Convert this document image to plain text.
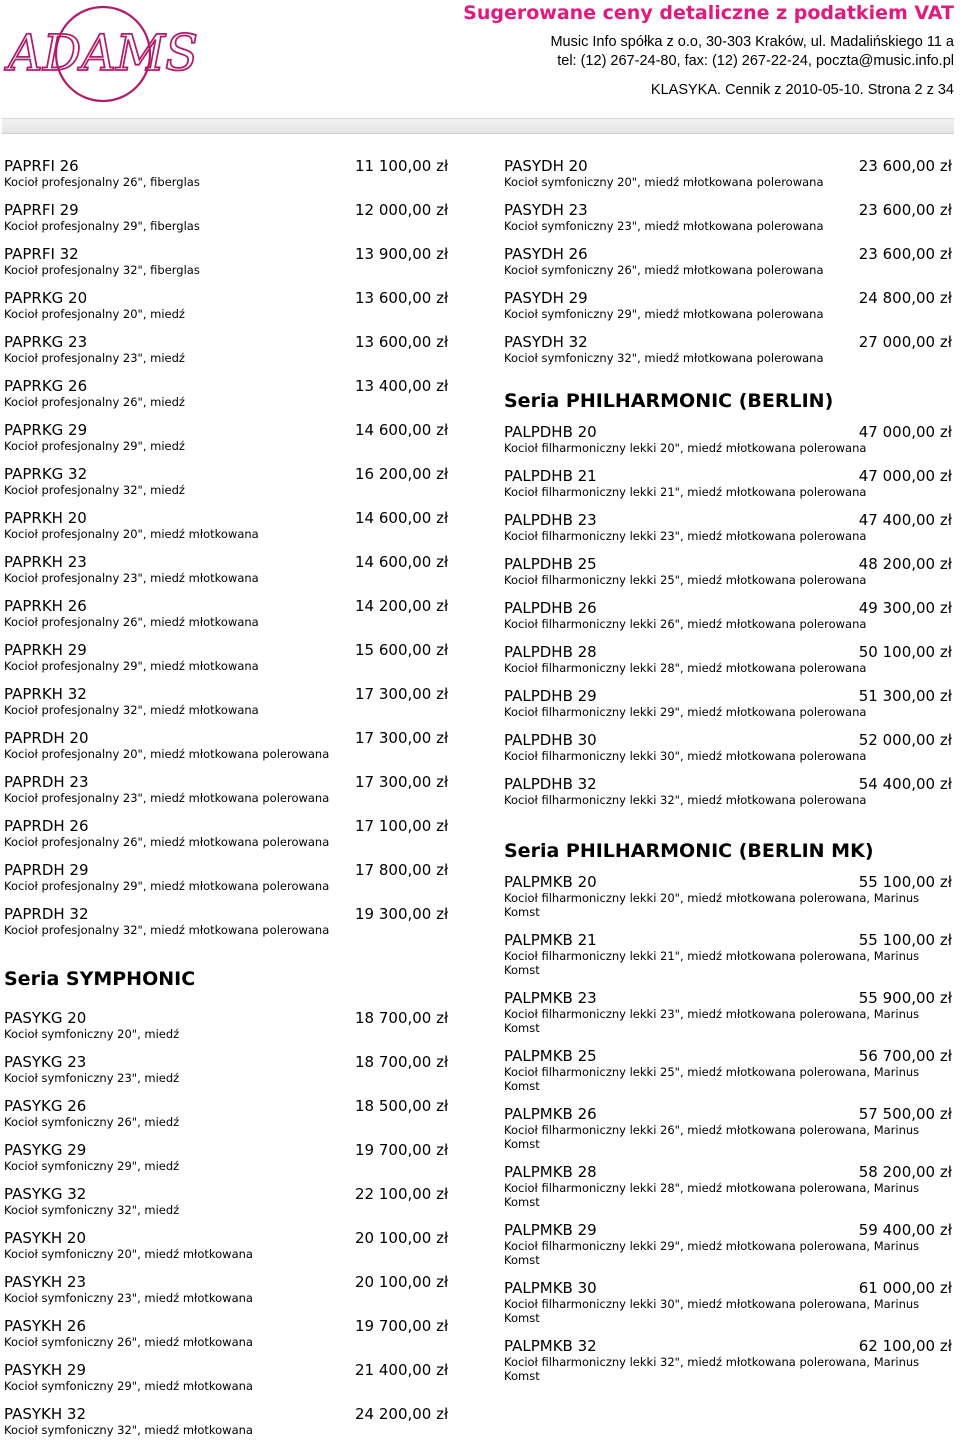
ADAMS
Sugerowane ceny detaliczne z podatkiem VAT
Music Info spółka z o.o, 30-303 Kraków, ul. Madalińskiego 11 a
tel: (12) 267-24-80, fax: (12) 267-22-24, poczta@music.info.pl
KLASYKA. Cennik z 2010-05-10. Strona 2 z 34
PAPRFI 26	11 100,00 zł
Kocioł profesjonalny 26", fiberglas
PAPRFI 29	12 000,00 zł
Kocioł profesjonalny 29", fiberglas
PAPRFI 32	13 900,00 zł
Kocioł profesjonalny 32", fiberglas
PAPRKG 20	13 600,00 zł
Kocioł profesjonalny 20", miedź
PAPRKG 23	13 600,00 zł
Kocioł profesjonalny 23", miedź
PAPRKG 26	13 400,00 zł
Kocioł profesjonalny 26", miedź
PAPRKG 29	14 600,00 zł
Kocioł profesjonalny 29", miedź
PAPRKG 32	16 200,00 zł
Kocioł profesjonalny 32", miedź
PAPRKH 20	14 600,00 zł
Kocioł profesjonalny 20", miedź młotkowana
PAPRKH 23	14 600,00 zł
Kocioł profesjonalny 23", miedź młotkowana
PAPRKH 26	14 200,00 zł
Kocioł profesjonalny 26", miedź młotkowana
PAPRKH 29	15 600,00 zł
Kocioł profesjonalny 29", miedź młotkowana
PAPRKH 32	17 300,00 zł
Kocioł profesjonalny 32", miedź młotkowana
PAPRDH 20	17 300,00 zł
Kocioł profesjonalny 20", miedź młotkowana polerowana
PAPRDH 23	17 300,00 zł
Kocioł profesjonalny 23", miedź młotkowana polerowana
PAPRDH 26	17 100,00 zł
Kocioł profesjonalny 26", miedź młotkowana polerowana
PAPRDH 29	17 800,00 zł
Kocioł profesjonalny 29", miedź młotkowana polerowana
PAPRDH 32	19 300,00 zł
Kocioł profesjonalny 32", miedź młotkowana polerowana
Seria SYMPHONIC
PASYKG 20	18 700,00 zł
Kocioł symfoniczny 20", miedź
PASYKG 23	18 700,00 zł
Kocioł symfoniczny 23", miedź
PASYKG 26	18 500,00 zł
Kocioł symfoniczny 26", miedź
PASYKG 29	19 700,00 zł
Kocioł symfoniczny 29", miedź
PASYKG 32	22 100,00 zł
Kocioł symfoniczny 32", miedź
PASYKH 20	20 100,00 zł
Kocioł symfoniczny 20", miedź młotkowana
PASYKH 23	20 100,00 zł
Kocioł symfoniczny 23", miedź młotkowana
PASYKH 26	19 700,00 zł
Kocioł symfoniczny 26", miedź młotkowana
PASYKH 29	21 400,00 zł
Kocioł symfoniczny 29", miedź młotkowana
PASYKH 32	24 200,00 zł
Kocioł symfoniczny 32", miedź młotkowana
PASYDH 20	23 600,00 zł
Kocioł symfoniczny 20", miedź młotkowana polerowana
PASYDH 23	23 600,00 zł
Kocioł symfoniczny 23", miedź młotkowana polerowana
PASYDH 26	23 600,00 zł
Kocioł symfoniczny 26", miedź młotkowana polerowana
PASYDH 29	24 800,00 zł
Kocioł symfoniczny 29", miedź młotkowana polerowana
PASYDH 32	27 000,00 zł
Kocioł symfoniczny 32", miedź młotkowana polerowana
Seria PHILHARMONIC (BERLIN)
PALPDHB 20	47 000,00 zł
Kocioł filharmoniczny lekki 20", miedź młotkowana polerowana
PALPDHB 21	47 000,00 zł
Kocioł filharmoniczny lekki 21", miedź młotkowana polerowana
PALPDHB 23	47 400,00 zł
Kocioł filharmoniczny lekki 23", miedź młotkowana polerowana
PALPDHB 25	48 200,00 zł
Kocioł filharmoniczny lekki 25", miedź młotkowana polerowana
PALPDHB 26	49 300,00 zł
Kocioł filharmoniczny lekki 26", miedź młotkowana polerowana
PALPDHB 28	50 100,00 zł
Kocioł filharmoniczny lekki 28", miedź młotkowana polerowana
PALPDHB 29	51 300,00 zł
Kocioł filharmoniczny lekki 29", miedź młotkowana polerowana
PALPDHB 30	52 000,00 zł
Kocioł filharmoniczny lekki 30", miedź młotkowana polerowana
PALPDHB 32	54 400,00 zł
Kocioł filharmoniczny lekki 32", miedź młotkowana polerowana
Seria PHILHARMONIC (BERLIN MK)
PALPMKB 20	55 100,00 zł
Kocioł filharmoniczny lekki 20", miedź młotkowana polerowana, Marinus Komst
PALPMKB 21	55 100,00 zł
Kocioł filharmoniczny lekki 21", miedź młotkowana polerowana, Marinus Komst
PALPMKB 23	55 900,00 zł
Kocioł filharmoniczny lekki 23", miedź młotkowana polerowana, Marinus Komst
PALPMKB 25	56 700,00 zł
Kocioł filharmoniczny lekki 25", miedź młotkowana polerowana, Marinus Komst
PALPMKB 26	57 500,00 zł
Kocioł filharmoniczny lekki 26", miedź młotkowana polerowana, Marinus Komst
PALPMKB 28	58 200,00 zł
Kocioł filharmoniczny lekki 28", miedź młotkowana polerowana, Marinus Komst
PALPMKB 29	59 400,00 zł
Kocioł filharmoniczny lekki 29", miedź młotkowana polerowana, Marinus Komst
PALPMKB 30	61 000,00 zł
Kocioł filharmoniczny lekki 30", miedź młotkowana polerowana, Marinus Komst
PALPMKB 32	62 100,00 zł
Kocioł filharmoniczny lekki 32", miedź młotkowana polerowana, Marinus Komst
